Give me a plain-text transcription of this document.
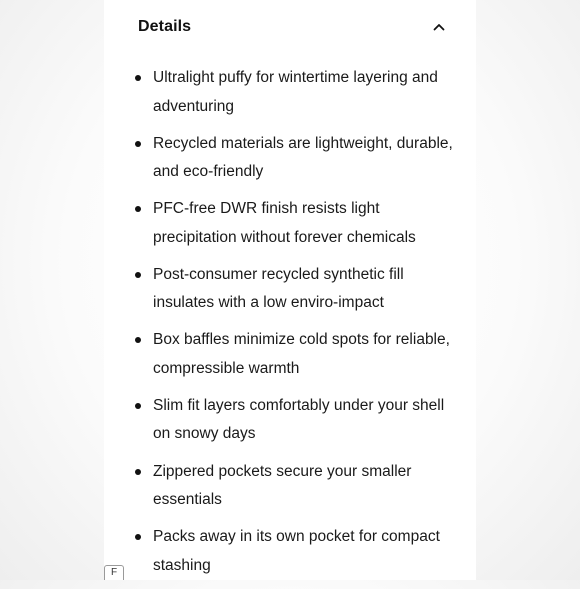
Details
Ultralight puffy for wintertime layering and adventuring
Recycled materials are lightweight, durable, and eco-friendly
PFC-free DWR finish resists light precipitation without forever chemicals
Post-consumer recycled synthetic fill insulates with a low enviro-impact
Box baffles minimize cold spots for reliable, compressible warmth
Slim fit layers comfortably under your shell on snowy days
Zippered pockets secure your smaller essentials
Packs away in its own pocket for compact stashing
F
